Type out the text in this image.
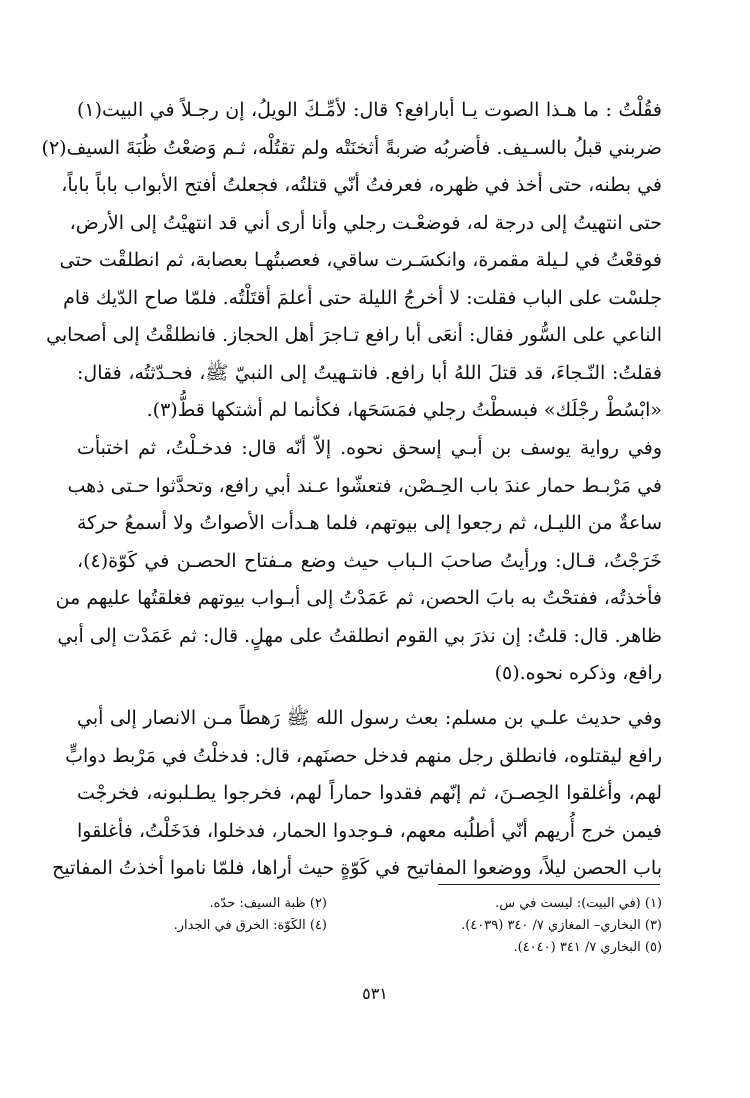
فقُلْتُ : ما هـذا الصوت يـا أبارافع؟ قال: لأمِّـكَ الويلُ، إن رجـلاً في البيت(١)
ضربني قبلُ بالسـيف. فأضربُه ضربةً أثخنَتْه ولم تقتُلْه، ثـم وَضعْتُ ظُبَةَ السيف(٢)
في بطنه، حتى أخذ في ظهره، فعرفتُ أنّي قتلتُه، فجعلتُ أفتح الأبواب باباً باباً،
حتى انتهيتُ إلى درجة له، فوضعْـت رجلي وأنا أرى أني قد انتهيْتُ إلى الأرض،
فوقعْتُ في لـيلة مقمرة، وانكسَـرت ساقي، فعصبتُهـا بعصابة، ثم انطلقْت حتى
جلسْت على الباب فقلت: لا أخرجُ الليلة حتى أعلمَ أقتَلْتُه. فلمّا صاح الدّيك قام
الناعي على السُّور فقال: أنعَى أبا رافع تـاجرَ أهل الحجاز. فانطلقْتُ إلى أصحابي
فقلتُ: النّـجاءَ، قد قتلَ اللهُ أبا رافع. فانتـهيتُ إلى النبيّ ﷺ، فحـدّثتُه، فقال:
«ابْسُطْ رجْلَك» فبسطْتُ رجلي فمَسَحَها، فكأنما لم أشتكها قطُّ(٣).
وفي رواية يوسف بن أبـي إسحق نحوه. إلاّ أنّه قال: فدخـلْتُ، ثم اختبأت
في مَرْبـط حمار عندَ باب الحِـصْن، فتعشّوا عـند أبي رافع، وتحدَّثوا حـتى ذهب
ساعةٌ من الليـل، ثم رجعوا إلى بيوتهم، فلما هـدأت الأصواتُ ولا أسمعُ حركة
خَرَجْتُ، قـال: ورأيتُ صاحبَ الـباب حيث وضع مـفتاح الحصـن في كَوّة(٤)،
فأخذتُه، ففتحْتُ به بابَ الحصن، ثم عَمَدْتُ إلى أبـواب بيوتهم فغلقتُها عليهم من
ظاهر. قال: قلتُ: إن نذرَ بي القوم انطلقتُ على مهلٍ. قال: ثم عَمَدْت إلى أبي
رافع، وذكره نحوه.(٥)
وفي حديث علـي بن مسلم: بعث رسول الله ﷺ رَهطاً مـن الانصار إلى أبي
رافع ليقتلوه، فانطلق رجل منهم فدخل حصنَهم، قال: فدخلْتُ في مَرْبط دوابٍّ
لهم، وأغلقوا الحِصـنَ، ثم إنّهم فقدوا حماراً لهم، فخرجوا يطـلبونه، فخرجْت
فيمن خرج أُريهم أنّي أطلُبه معهم، فـوجدوا الحمار، فدخلوا، فدَخَلْتُ، فأغلقوا
باب الحصن ليلاً، ووضعوا المفاتيح في كَوّةٍ حيث أراها، فلمّا ناموا أخذتُ المفاتيح
(١) (في البيت): ليست في س.
(٢) ظبة السيف: حدّه.
(٣) البخاري– المغازي ٧/ ٣٤٠ (٤٠٣٩).
(٤) الكَوّة: الخرق في الجدار.
(٥) البخاري ٧/ ٣٤١ (٤٠٤٠).
٥٣١
